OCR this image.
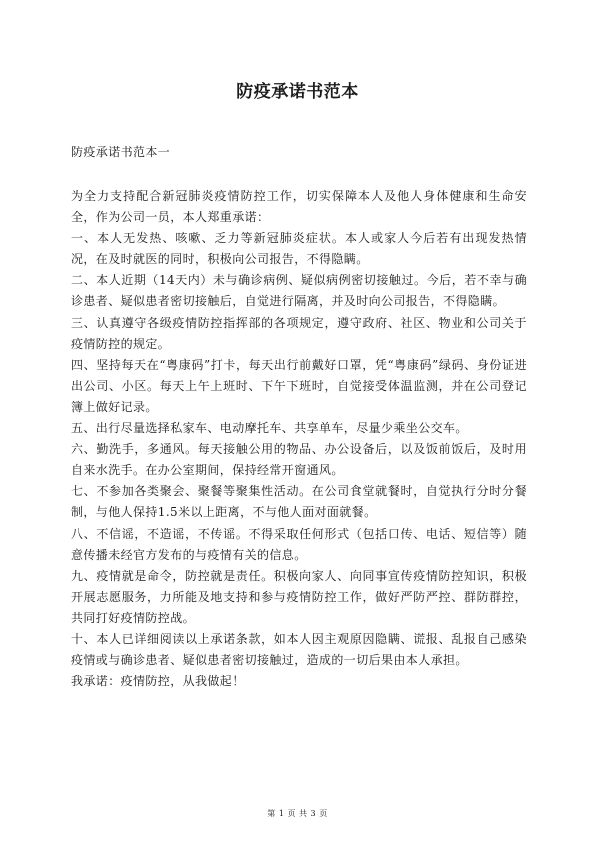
防疫承诺书范本
防疫承诺书范本一

为全力支持配合新冠肺炎疫情防控工作，切实保障本人及他人身体健康和生命安全，作为公司一员，本人郑重承诺：

一、本人无发热、咳嗽、乏力等新冠肺炎症状。本人或家人今后若有出现发热情况，在及时就医的同时，积极向公司报告，不得隐瞒。

二、本人近期（14天内）未与确诊病例、疑似病例密切接触过。今后，若不幸与确诊患者、疑似患者密切接触后，自觉进行隔离，并及时向公司报告，不得隐瞒。

三、认真遵守各级疫情防控指挥部的各项规定，遵守政府、社区、物业和公司关于疫情防控的规定。

四、坚持每天在“粤康码”打卡，每天出行前戴好口罩，凭“粤康码”绿码、身份证进出公司、小区。每天上午上班时、下午下班时，自觉接受体温监测，并在公司登记簿上做好记录。

五、出行尽量选择私家车、电动摩托车、共享单车，尽量少乘坐公交车。

六、勤洗手，多通风。每天接触公用的物品、办公设备后，以及饭前饭后，及时用自来水洗手。在办公室期间，保持经常开窗通风。

七、不参加各类聚会、聚餐等聚集性活动。在公司食堂就餐时，自觉执行分时分餐制，与他人保持1.5米以上距离，不与他人面对面就餐。

八、不信谣，不造谣，不传谣。不得采取任何形式（包括口传、电话、短信等）随意传播未经官方发布的与疫情有关的信息。

九、疫情就是命令，防控就是责任。积极向家人、向同事宣传疫情防控知识，积极开展志愿服务，力所能及地支持和参与疫情防控工作，做好严防严控、群防群控，共同打好疫情防控战。

十、本人已详细阅读以上承诺条款，如本人因主观原因隐瞒、谎报、乱报自己感染疫情或与确诊患者、疑似患者密切接触过，造成的一切后果由本人承担。

我承诺：疫情防控，从我做起！

第 1 页 共 3 页
